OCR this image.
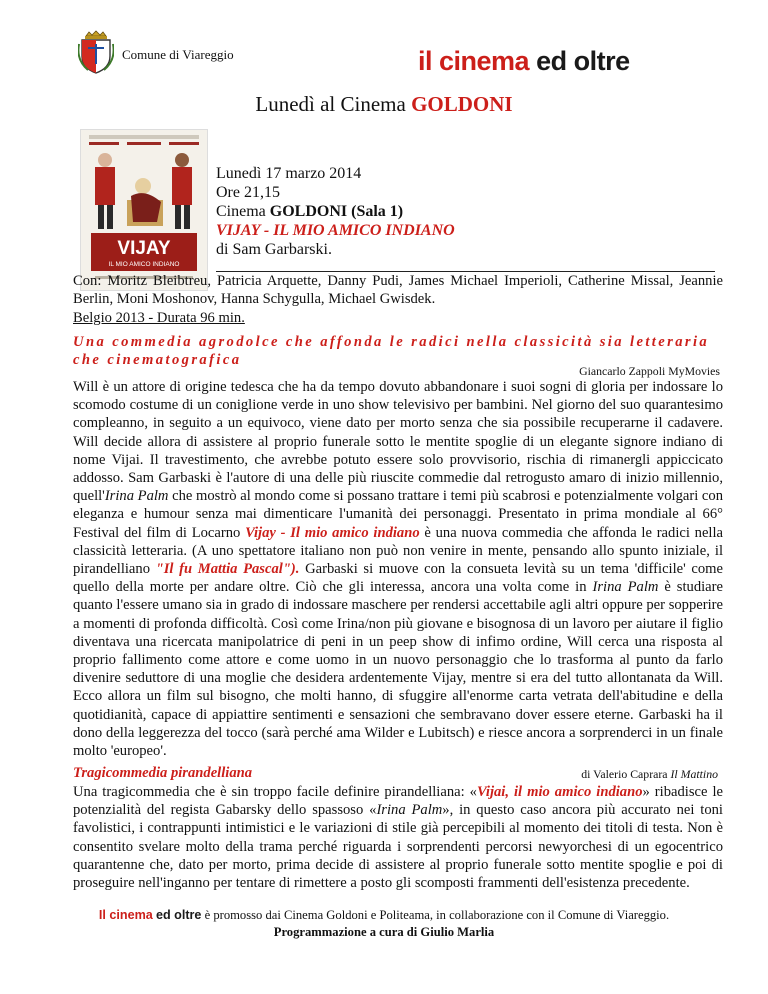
Comune di Viareggio	il cinema ed oltre
Lunedì al Cinema GOLDONI
VIJAY
IL MIO AMICO INDIANO
Lunedì 17 marzo 2014
Ore 21,15
Cinema GOLDONI (Sala 1)
VIJAY - IL MIO AMICO INDIANO
di Sam Garbarski.
Con: Moritz Bleibtreu, Patricia Arquette, Danny Pudi, James Michael Imperioli, Catherine Missal, Jeannie Berlin, Moni Moshonov, Hanna Schygulla, Michael Gwisdek.
Belgio 2013 - Durata 96 min.
Una commedia agrodolce che affonda le radici nella classicità sia letteraria che cinematografica
Giancarlo Zappoli MyMovies
Will è un attore di origine tedesca che ha da tempo dovuto abbandonare i suoi sogni di gloria per indossare lo scomodo costume di un coniglione verde in uno show televisivo per bambini. Nel giorno del suo quarantesimo compleanno, in seguito a un equivoco, viene dato per morto senza che sia possibile recuperarne il cadavere. Will decide allora di assistere al proprio funerale sotto le mentite spoglie di un elegante signore indiano di nome Vijai. Il travestimento, che avrebbe potuto essere solo provvisorio, rischia di rimanergli appiccicato addosso. Sam Garbaski è l'autore di una delle più riuscite commedie dal retrogusto amaro di inizio millennio, quell'Irina Palm che mostrò al mondo come si possano trattare i temi più scabrosi e potenzialmente volgari con eleganza e humour senza mai dimenticare l'umanità dei personaggi. Presentato in prima mondiale al 66° Festival del film di Locarno Vijay - Il mio amico indiano è una nuova commedia che affonda le radici nella classicità letteraria. (A uno spettatore italiano non può non venire in mente, pensando allo spunto iniziale, il pirandelliano "Il fu Mattia Pascal"). Garbaski si muove con la consueta levità su un tema 'difficile' come quello della morte per andare oltre. Ciò che gli interessa, ancora una volta come in Irina Palm è studiare quanto l'essere umano sia in grado di indossare maschere per rendersi accettabile agli altri oppure per sopperire a momenti di profonda difficoltà. Così come Irina/non più giovane e bisognosa di un lavoro per aiutare il figlio diventava una ricercata manipolatrice di peni in un peep show di infimo ordine, Will cerca una risposta al proprio fallimento come attore e come uomo in un nuovo personaggio che lo trasforma al punto da farlo divenire seduttore di una moglie che desidera ardentemente Vijay, mentre si era del tutto allontanata da Will. Ecco allora un film sul bisogno, che molti hanno, di sfuggire all'enorme carta vetrata dell'abitudine e della quotidianità, capace di appiattire sentimenti e sensazioni che sembravano dover essere eterne. Garbaski ha il dono della leggerezza del tocco (sarà perché ama Wilder e Lubitsch) e riesce ancora a sorprenderci in un finale molto 'europeo'.
Tragicommedia pirandelliana	di Valerio Caprara Il Mattino
Una tragicommedia che è sin troppo facile definire pirandelliana: «Vijai, il mio amico indiano» ribadisce le potenzialità del regista Gabarsky dello spassoso «Irina Palm», in questo caso ancora più accurato nei toni favolistici, i contrappunti intimistici e le variazioni di stile già percepibili al momento dei titoli di testa. Non è consentito svelare molto della trama perché riguarda i sorprendenti percorsi newyorchesi di un egocentrico quarantenne che, dato per morto, prima decide di assistere al proprio funerale sotto mentite spoglie e poi di proseguire nell'inganno per tentare di rimettere a posto gli scomposti frammenti dell'esistenza precedente.
Il cinema ed oltre è promosso dai Cinema Goldoni e Politeama, in collaborazione con il Comune di Viareggio.
Programmazione a cura di Giulio Marlia
